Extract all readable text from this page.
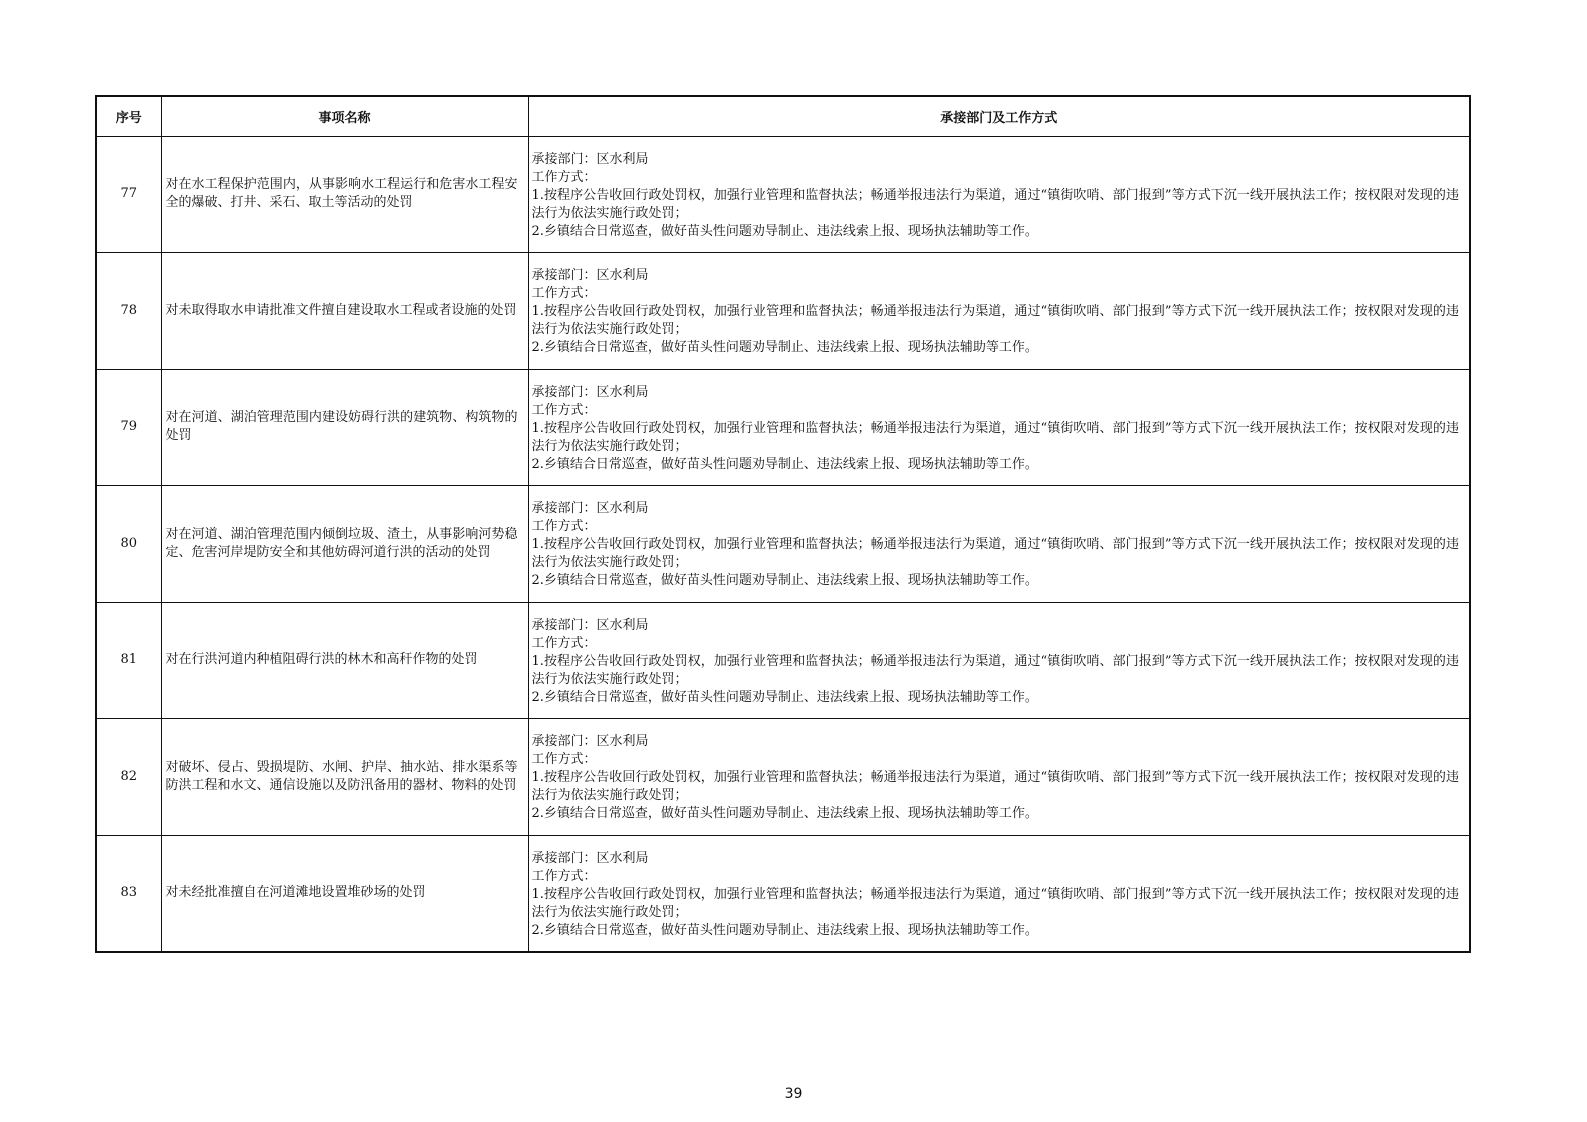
序号	事项名称	承接部门及工作方式
77	对在水工程保护范围内，从事影响水工程运行和危害水工程安全的爆破、打井、采石、取土等活动的处罚	承接部门：区水利局
工作方式：
1.按程序公告收回行政处罚权，加强行业管理和监督执法；畅通举报违法行为渠道，通过“镇街吹哨、部门报到”等方式下沉一线开展执法工作；按权限对发现的违法行为依法实施行政处罚；
2.乡镇结合日常巡查，做好苗头性问题劝导制止、违法线索上报、现场执法辅助等工作。

78	对未取得取水申请批准文件擅自建设取水工程或者设施的处罚	承接部门：区水利局
工作方式：
1.按程序公告收回行政处罚权，加强行业管理和监督执法；畅通举报违法行为渠道，通过“镇街吹哨、部门报到”等方式下沉一线开展执法工作；按权限对发现的违法行为依法实施行政处罚；
2.乡镇结合日常巡查，做好苗头性问题劝导制止、违法线索上报、现场执法辅助等工作。

79	对在河道、湖泊管理范围内建设妨碍行洪的建筑物、构筑物的处罚	承接部门：区水利局
工作方式：
1.按程序公告收回行政处罚权，加强行业管理和监督执法；畅通举报违法行为渠道，通过“镇街吹哨、部门报到”等方式下沉一线开展执法工作；按权限对发现的违法行为依法实施行政处罚；
2.乡镇结合日常巡查，做好苗头性问题劝导制止、违法线索上报、现场执法辅助等工作。

80	对在河道、湖泊管理范围内倾倒垃圾、渣土，从事影响河势稳定、危害河岸堤防安全和其他妨碍河道行洪的活动的处罚	承接部门：区水利局
工作方式：
1.按程序公告收回行政处罚权，加强行业管理和监督执法；畅通举报违法行为渠道，通过“镇街吹哨、部门报到”等方式下沉一线开展执法工作；按权限对发现的违法行为依法实施行政处罚；
2.乡镇结合日常巡查，做好苗头性问题劝导制止、违法线索上报、现场执法辅助等工作。

81	对在行洪河道内种植阻碍行洪的林木和高秆作物的处罚	承接部门：区水利局
工作方式：
1.按程序公告收回行政处罚权，加强行业管理和监督执法；畅通举报违法行为渠道，通过“镇街吹哨、部门报到”等方式下沉一线开展执法工作；按权限对发现的违法行为依法实施行政处罚；
2.乡镇结合日常巡查，做好苗头性问题劝导制止、违法线索上报、现场执法辅助等工作。

82	对破坏、侵占、毁损堤防、水闸、护岸、抽水站、排水渠系等防洪工程和水文、通信设施以及防汛备用的器材、物料的处罚	承接部门：区水利局
工作方式：
1.按程序公告收回行政处罚权，加强行业管理和监督执法；畅通举报违法行为渠道，通过“镇街吹哨、部门报到”等方式下沉一线开展执法工作；按权限对发现的违法行为依法实施行政处罚；
2.乡镇结合日常巡查，做好苗头性问题劝导制止、违法线索上报、现场执法辅助等工作。

83	对未经批准擅自在河道滩地设置堆砂场的处罚	承接部门：区水利局
工作方式：
1.按程序公告收回行政处罚权，加强行业管理和监督执法；畅通举报违法行为渠道，通过“镇街吹哨、部门报到”等方式下沉一线开展执法工作；按权限对发现的违法行为依法实施行政处罚；
2.乡镇结合日常巡查，做好苗头性问题劝导制止、违法线索上报、现场执法辅助等工作。
39
